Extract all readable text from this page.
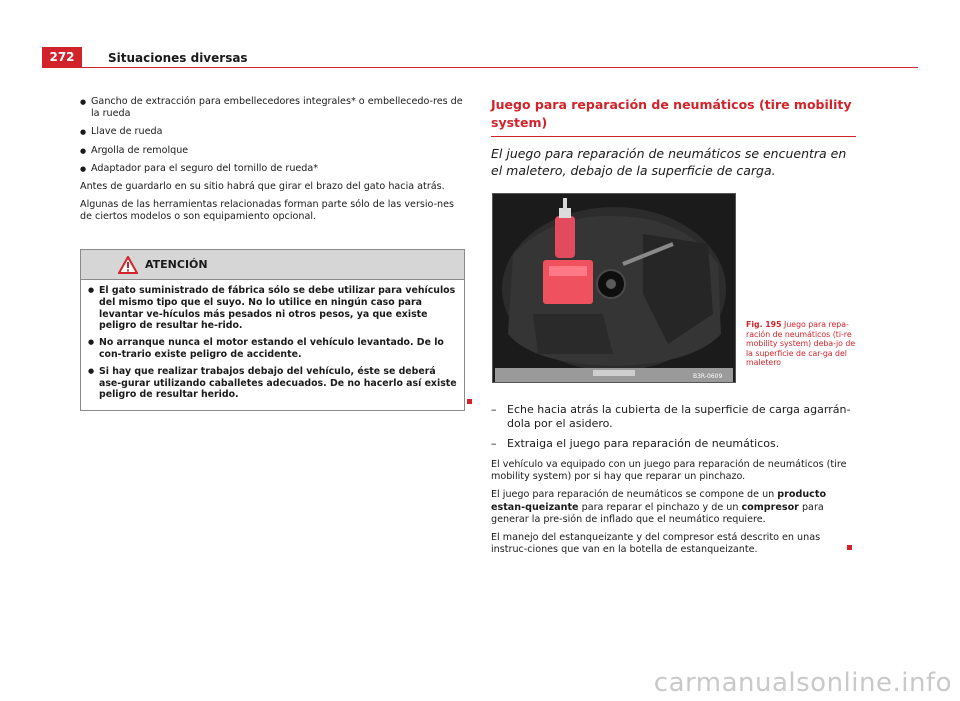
272	Situaciones diversas
● Gancho de extracción para embellecedores integrales* o embellecedo-res de la rueda
● Llave de rueda
● Argolla de remolque
● Adaptador para el seguro del tornillo de rueda*

Antes de guardarlo en su sitio habrá que girar el brazo del gato hacia atrás.

Algunas de las herramientas relacionadas forman parte sólo de las versio-nes de ciertos modelos o son equipamiento opcional.

ATENCIÓN
● El gato suministrado de fábrica sólo se debe utilizar para vehículos del mismo tipo que el suyo. No lo utilice en ningún caso para levantar ve-hículos más pesados ni otros pesos, ya que existe peligro de resultar he-rido.
● No arranque nunca el motor estando el vehículo levantado. De lo con-trario existe peligro de accidente.
● Si hay que realizar trabajos debajo del vehículo, éste se deberá ase-gurar utilizando caballetes adecuados. De no hacerlo así existe peligro de resultar herido.
Juego para reparación de neumáticos (tire mobility system)
El juego para reparación de neumáticos se encuentra en el maletero, debajo de la superficie de carga.
B3R-0609
Fig. 195 Juego para repa-ración de neumáticos (ti-re mobility system) deba-jo de la superficie de car-ga del maletero
– Eche hacia atrás la cubierta de la superficie de carga agarrán-dola por el asidero.
– Extraiga el juego para reparación de neumáticos.

El vehículo va equipado con un juego para reparación de neumáticos (tire mobility system) por si hay que reparar un pinchazo.

El juego para reparación de neumáticos se compone de un producto estan-queizante para reparar el pinchazo y de un compresor para generar la pre-sión de inflado que el neumático requiere.

El manejo del estanqueizante y del compresor está descrito en unas instruc-ciones que van en la botella de estanqueizante.

carmanualsonline.info
